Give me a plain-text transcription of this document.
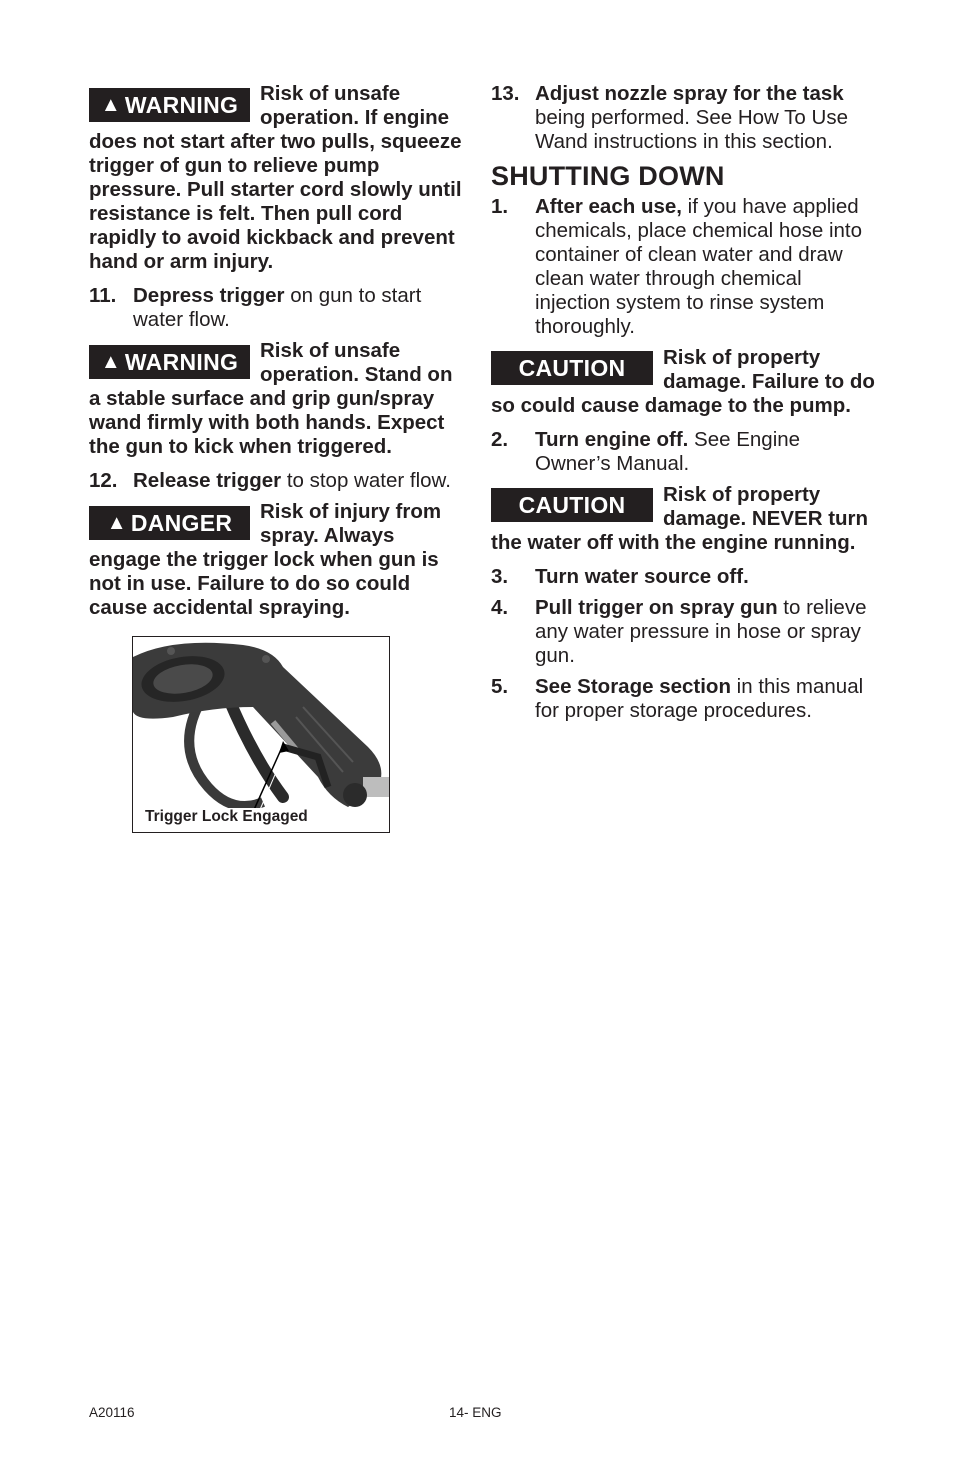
▲ WARNING	Risk of unsafe operation. If engine does not start after two pulls, squeeze trigger of gun to relieve pump pressure. Pull starter cord slowly until resistance is felt. Then pull cord rapidly to avoid kickback and prevent hand or arm injury.

11. Depress trigger on gun to start water flow.
▲ WARNING	Risk of unsafe operation. Stand on a stable surface and grip gun/spray wand firmly with both hands. Expect the gun to kick when triggered.

12. Release trigger to stop water flow.
▲ DANGER	Risk of injury from spray. Always engage the trigger lock when gun is not in use. Failure to do so could cause accidental spraying.

Trigger Lock Engaged
13. Adjust nozzle spray for the task being performed. See How To Use Wand instructions in this section.
SHUTTING DOWN
1.	After each use, if you have applied chemicals, place chemical hose into container of clean water and draw clean water through chemical injection system to rinse system thoroughly.
CAUTION	Risk of property damage. Failure to do so could cause damage to the pump.

2.	Turn engine off. See Engine Owner’s Manual.
CAUTION	Risk of property damage. NEVER turn the water off with the engine running.

3.	Turn water source off.
4.	Pull trigger on spray gun to relieve any water pressure in hose or spray gun.
5.	See Storage section in this manual for proper storage procedures.
A20116	14- ENG
